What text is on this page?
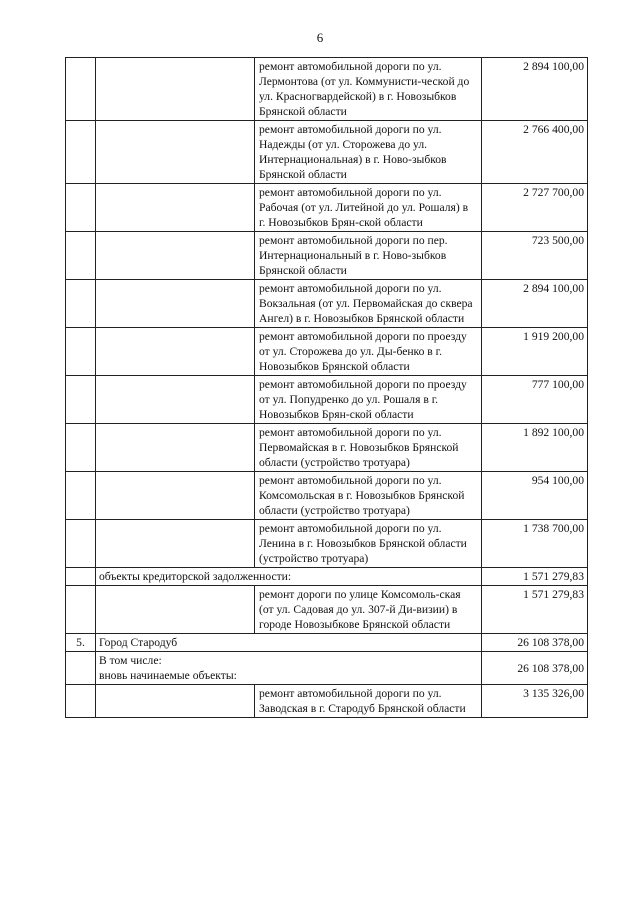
6
		ремонт автомобильной дороги по ул. Лермонтова (от ул. Коммунисти-ческой до ул. Красногвардейской) в г. Новозыбков Брянской области	2 894 100,00
		ремонт автомобильной дороги по ул. Надежды (от ул. Сторожева до ул. Интернациональная) в г. Ново-зыбков Брянской области	2 766 400,00
		ремонт автомобильной дороги по ул. Рабочая (от ул. Литейной до ул. Рошаля) в г. Новозыбков Брян-ской области	2 727 700,00
		ремонт автомобильной дороги по пер. Интернациональный в г. Ново-зыбков Брянской области	723 500,00
		ремонт автомобильной дороги по ул. Вокзальная (от ул. Первомайская до сквера Ангел) в г. Новозыбков Брянской области	2 894 100,00
		ремонт автомобильной дороги по проезду от ул. Сторожева до ул. Ды-бенко в г. Новозыбков Брянской области	1 919 200,00
		ремонт автомобильной дороги по проезду от ул. Попудренко до ул. Рошаля в г. Новозыбков Брян-ской области	777 100,00
		ремонт автомобильной дороги по ул. Первомайская в г. Новозыбков Брянской области (устройство тротуара)	1 892 100,00
		ремонт автомобильной дороги по ул. Комсомольская в г. Новозыбков Брянской области (устройство тротуара)	954 100,00
		ремонт автомобильной дороги по ул. Ленина в г. Новозыбков Брянской области (устройство тротуара)	1 738 700,00
	объекты кредиторской задолженности:		1 571 279,83
		ремонт дороги по улице Комсомоль-ская (от ул. Садовая до ул. 307-й Ди-визии) в городе Новозыбкове Брянской области	1 571 279,83
5.	Город Стародуб		26 108 378,00
	В том числе:
вновь начинаемые объекты:		26 108 378,00
		ремонт автомобильной дороги по ул. Заводская в г. Стародуб Брянской области	3 135 326,00
